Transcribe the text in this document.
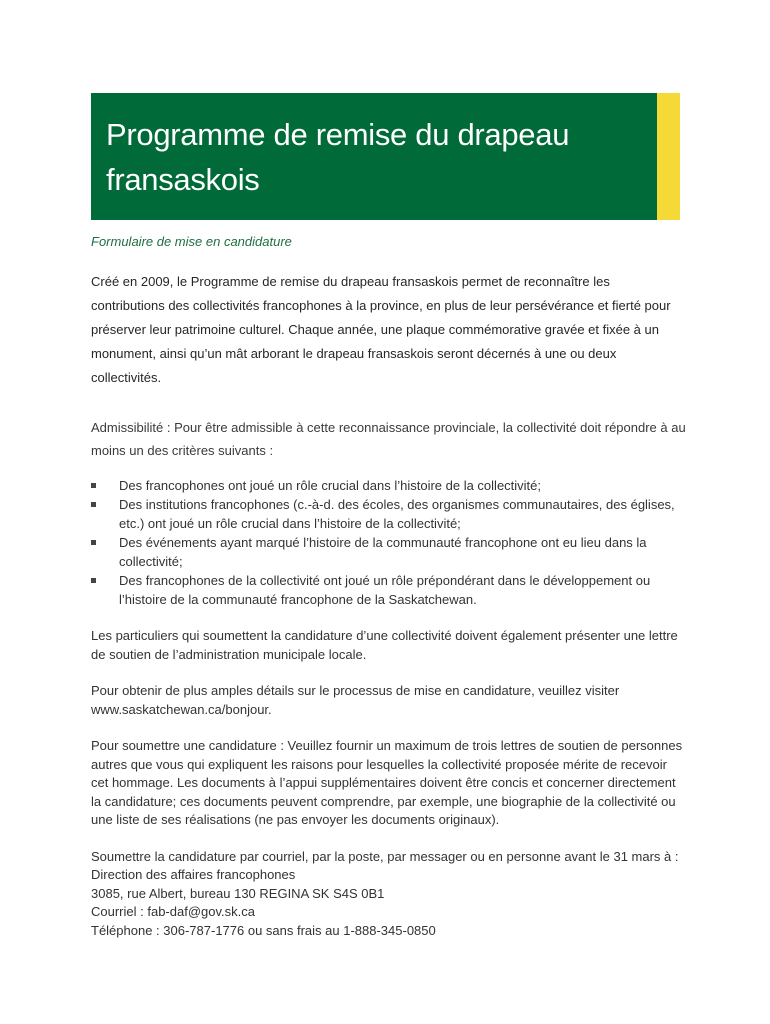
Programme de remise du drapeau fransaskois

Formulaire de mise en candidature

Créé en 2009, le Programme de remise du drapeau fransaskois permet de reconnaître les contributions des collectivités francophones à la province, en plus de leur persévérance et fierté pour préserver leur patrimoine culturel. Chaque année, une plaque commémorative gravée et fixée à un monument, ainsi qu’un mât arborant le drapeau fransaskois seront décernés à une ou deux collectivités.

Admissibilité : Pour être admissible à cette reconnaissance provinciale, la collectivité doit répondre à au moins un des critères suivants :

Des francophones ont joué un rôle crucial dans l’histoire de la collectivité;
Des institutions francophones (c.-à-d. des écoles, des organismes communautaires, des églises, etc.) ont joué un rôle crucial dans l’histoire de la collectivité;
Des événements ayant marqué l’histoire de la communauté francophone ont eu lieu dans la collectivité;
Des francophones de la collectivité ont joué un rôle prépondérant dans le développement ou l’histoire de la communauté francophone de la Saskatchewan.

Les particuliers qui soumettent la candidature d’une collectivité doivent également présenter une lettre de soutien de l’administration municipale locale.

Pour obtenir de plus amples détails sur le processus de mise en candidature, veuillez visiter www.saskatchewan.ca/bonjour.

Pour soumettre une candidature : Veuillez fournir un maximum de trois lettres de soutien de personnes autres que vous qui expliquent les raisons pour lesquelles la collectivité proposée mérite de recevoir cet hommage. Les documents à l’appui supplémentaires doivent être concis et concerner directement la candidature; ces documents peuvent comprendre, par exemple, une biographie de la collectivité ou une liste de ses réalisations (ne pas envoyer les documents originaux).

Soumettre la candidature par courriel, par la poste, par messager ou en personne avant le 31 mars à :
Direction des affaires francophones
3085, rue Albert, bureau 130 REGINA SK S4S 0B1
Courriel : fab-daf@gov.sk.ca
Téléphone : 306-787-1776 ou sans frais au 1-888-345-0850
